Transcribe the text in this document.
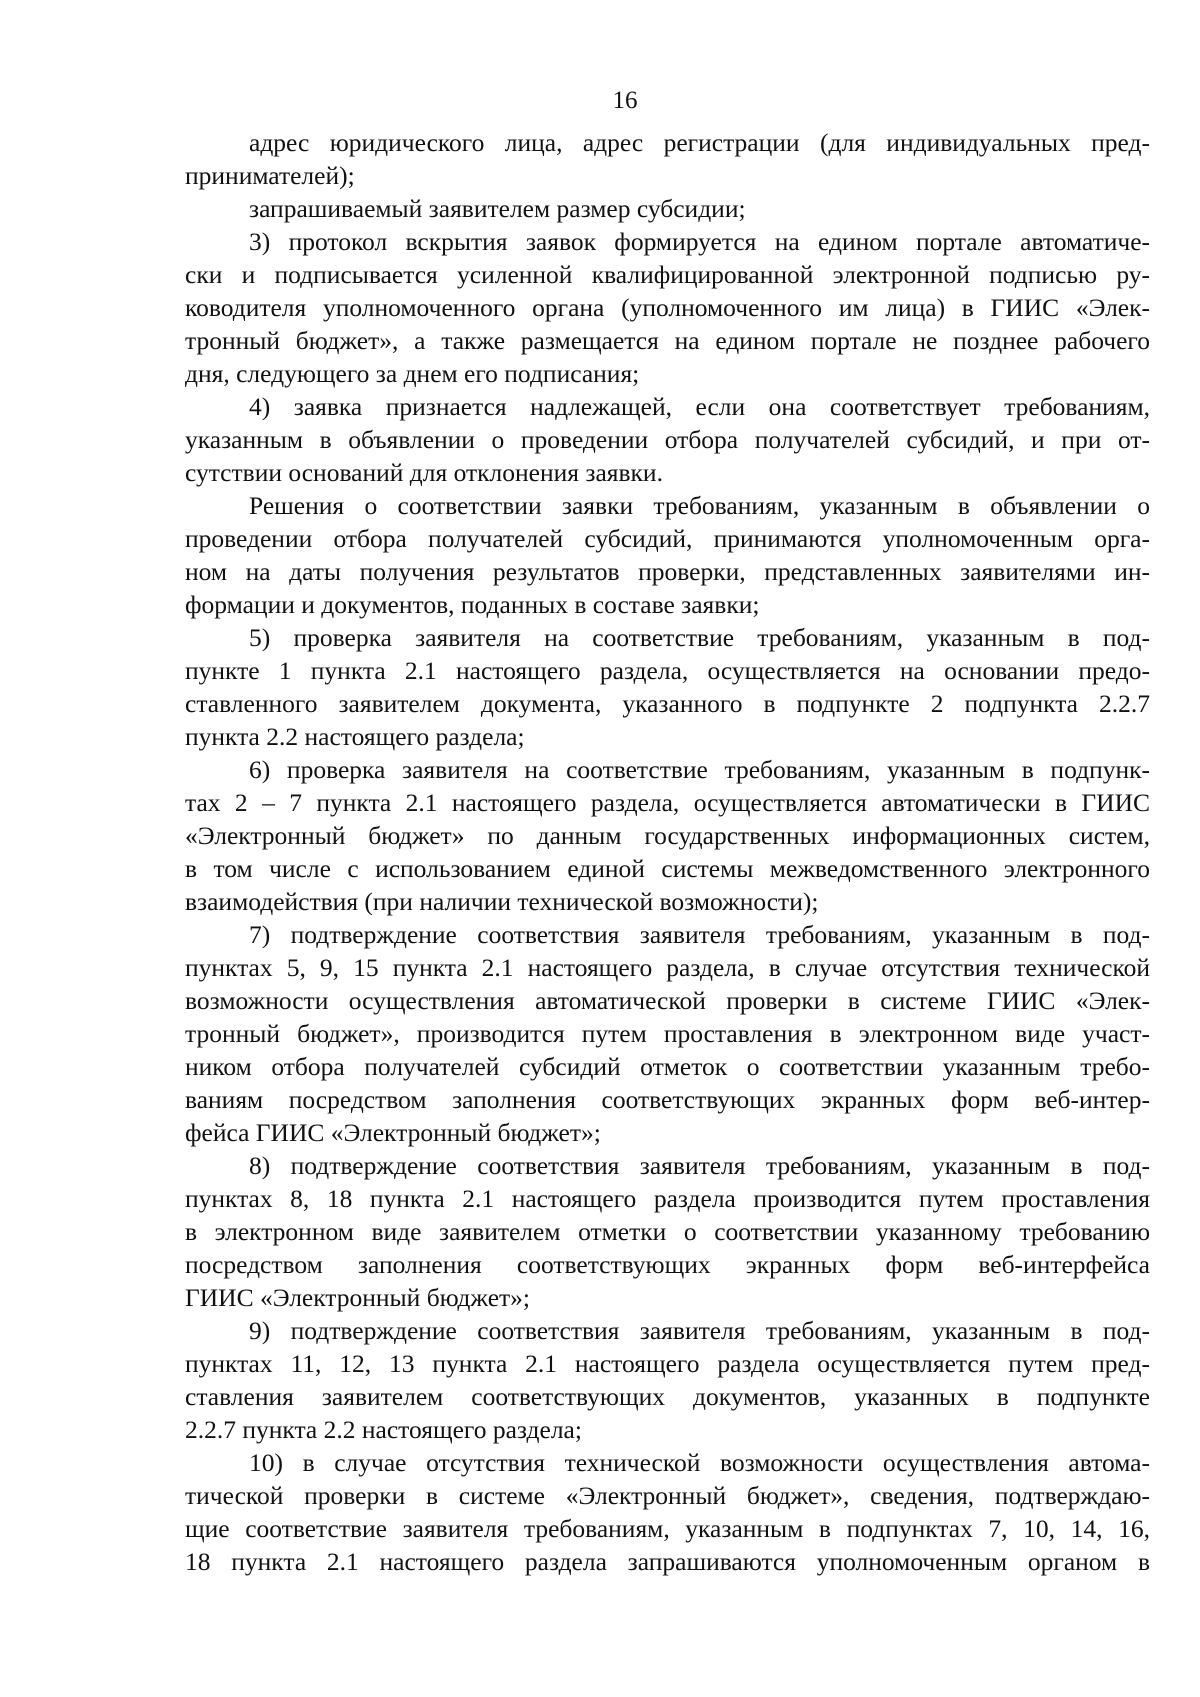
16
адрес юридического лица, адрес регистрации (для индивидуальных пред-
принимателей);
запрашиваемый заявителем размер субсидии;
3) протокол вскрытия заявок формируется на едином портале автоматиче-
ски и подписывается усиленной квалифицированной электронной подписью ру-
ководителя уполномоченного органа (уполномоченного им лица) в ГИИС «Элек-
тронный бюджет», а также размещается на едином портале не позднее рабочего
дня, следующего за днем его подписания;
4) заявка признается надлежащей, если она соответствует требованиям,
указанным в объявлении о проведении отбора получателей субсидий, и при от-
сутствии оснований для отклонения заявки.
Решения о соответствии заявки требованиям, указанным в объявлении о
проведении отбора получателей субсидий, принимаются уполномоченным орга-
ном на даты получения результатов проверки, представленных заявителями ин-
формации и документов, поданных в составе заявки;
5) проверка заявителя на соответствие требованиям, указанным в под-
пункте 1 пункта 2.1 настоящего раздела, осуществляется на основании предо-
ставленного заявителем документа, указанного в подпункте 2 подпункта 2.2.7
пункта 2.2 настоящего раздела;
6) проверка заявителя на соответствие требованиям, указанным в подпунк-
тах 2 – 7 пункта 2.1 настоящего раздела, осуществляется автоматически в ГИИС
«Электронный бюджет» по данным государственных информационных систем,
в том числе с использованием единой системы межведомственного электронного
взаимодействия (при наличии технической возможности);
7) подтверждение соответствия заявителя требованиям, указанным в под-
пунктах 5, 9, 15 пункта 2.1 настоящего раздела, в случае отсутствия технической
возможности осуществления автоматической проверки в системе ГИИС «Элек-
тронный бюджет», производится путем проставления в электронном виде участ-
ником отбора получателей субсидий отметок о соответствии указанным требо-
ваниям посредством заполнения соответствующих экранных форм веб-интер-
фейса ГИИС «Электронный бюджет»;
8) подтверждение соответствия заявителя требованиям, указанным в под-
пунктах 8, 18 пункта 2.1 настоящего раздела производится путем проставления
в электронном виде заявителем отметки о соответствии указанному требованию
посредством заполнения соответствующих экранных форм веб-интерфейса
ГИИС «Электронный бюджет»;
9) подтверждение соответствия заявителя требованиям, указанным в под-
пунктах 11, 12, 13 пункта 2.1 настоящего раздела осуществляется путем пред-
ставления заявителем соответствующих документов, указанных в подпункте
2.2.7 пункта 2.2 настоящего раздела;
10) в случае отсутствия технической возможности осуществления автома-
тической проверки в системе «Электронный бюджет», сведения, подтверждаю-
щие соответствие заявителя требованиям, указанным в подпунктах 7, 10, 14, 16,
18 пункта 2.1 настоящего раздела запрашиваются уполномоченным органом в
